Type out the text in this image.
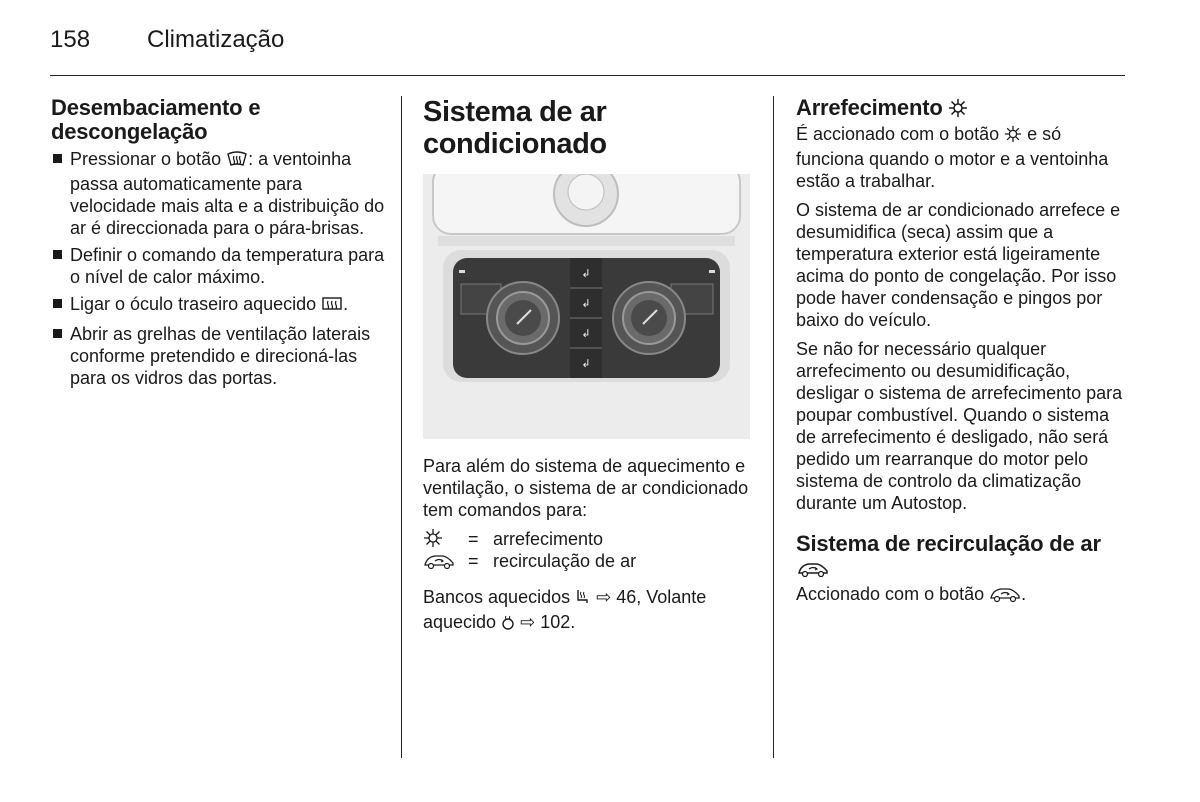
158 Climatização
Desembaciamento e descongelação
Pressionar o botão : a ventoinha passa automaticamente para velocidade mais alta e a distribuição do ar é direccionada para o pára-brisas.
Definir o comando da temperatura para o nível de calor máximo.
Ligar o óculo traseiro aquecido .
Abrir as grelhas de ventilação laterais conforme pretendido e direcioná-las para os vidros das portas.
Sistema de ar condicionado
↲
↲
↲
↲

Para além do sistema de aquecimento e ventilação, o sistema de ar condicionado tem comandos para:

= arrefecimento
= recirculação de ar

Bancos aquecidos  ⇨ 46, Volante
aquecido  ⇨ 102.

Arrefecimento

É accionado com o botão  e só funciona quando o motor e a ventoinha estão a trabalhar.

O sistema de ar condicionado arrefece e desumidifica (seca) assim que a temperatura exterior está ligeiramente acima do ponto de congelação. Por isso pode haver condensação e pingos por baixo do veículo.

Se não for necessário qualquer arrefecimento ou desumidificação, desligar o sistema de arrefecimento para poupar combustível. Quando o sistema de arrefecimento é desligado, não será pedido um rearranque do motor pelo sistema de controlo da climatização durante um Autostop.

Sistema de recirculação de ar

Accionado com o botão .
